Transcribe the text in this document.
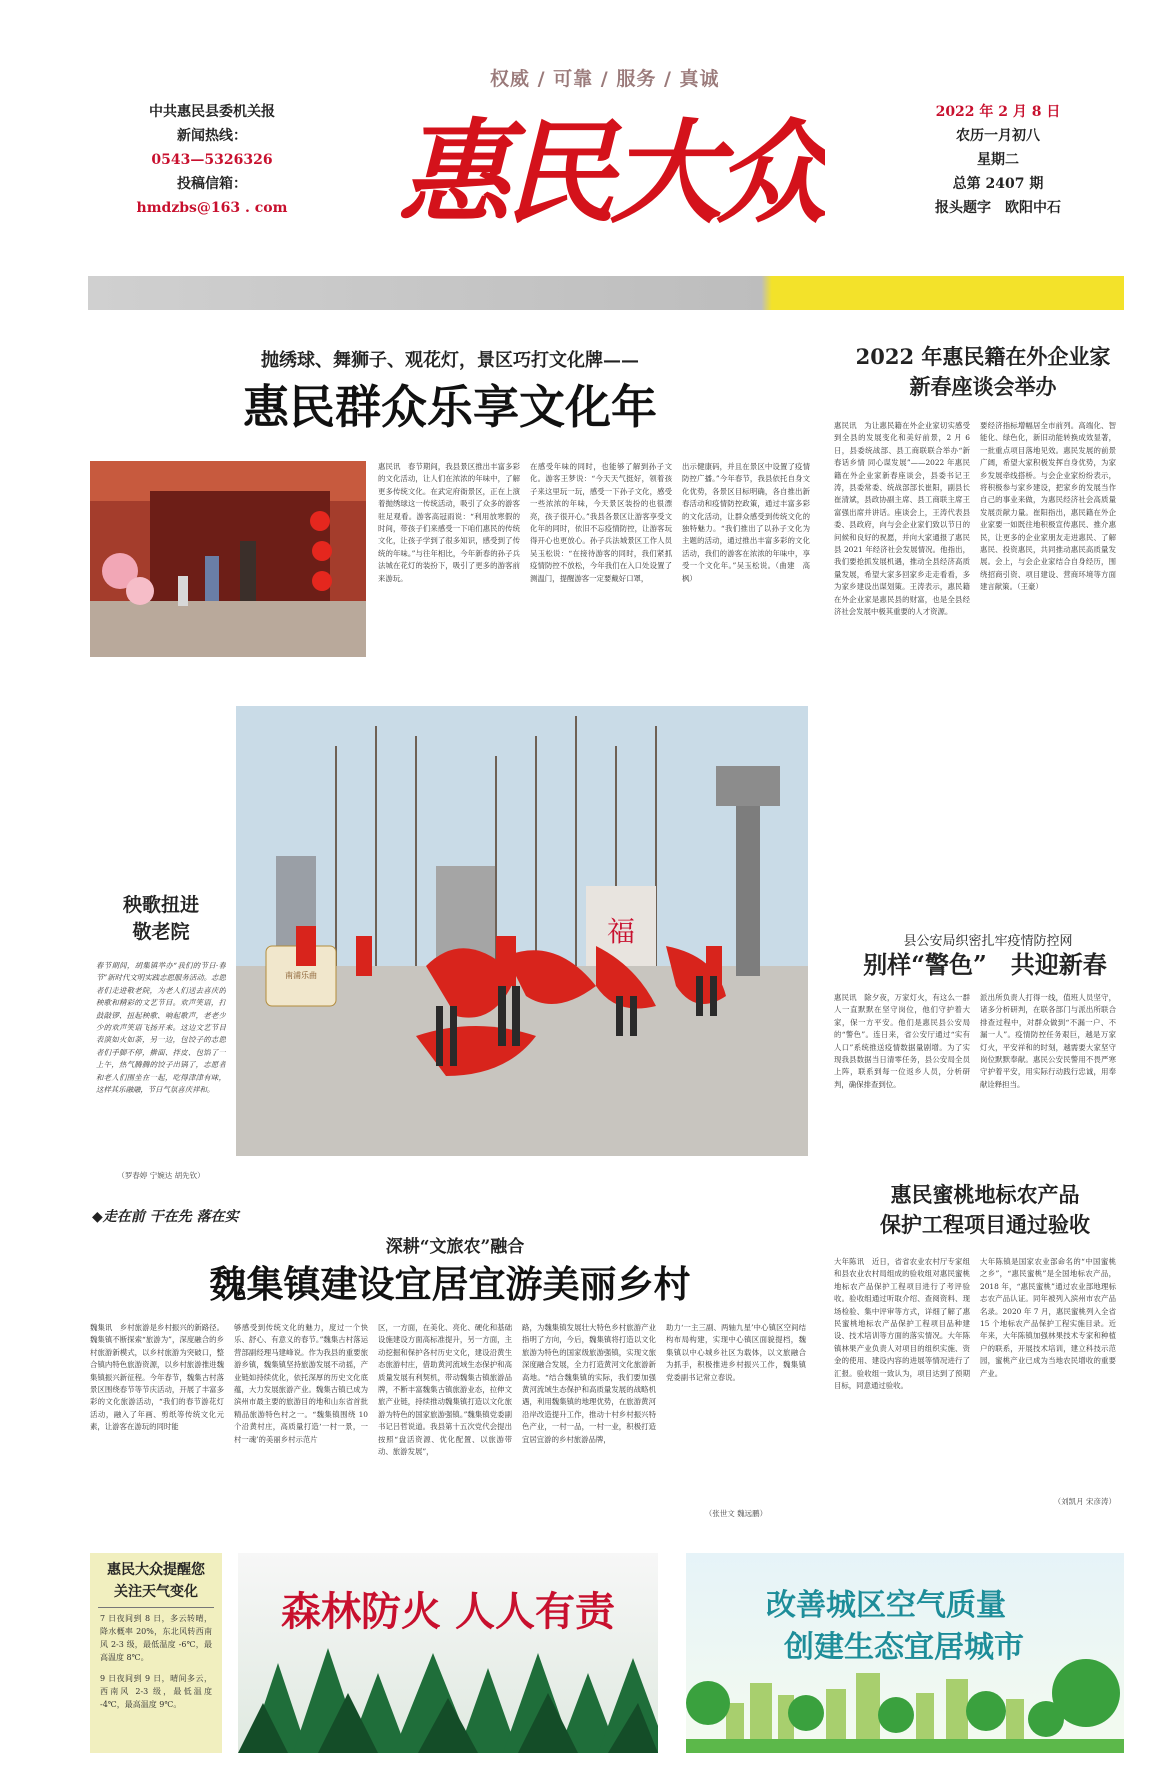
权威 / 可靠 / 服务 / 真诚
中共惠民县委机关报
新闻热线：
0543—5326326
投稿信箱：
hmdzbs@163 . com 惠民大众	2022 年 2 月 8 日
农历一月初八
星期二
总第 2407 期
报头题字　欧阳中石
抛绣球、舞狮子、观花灯，景区巧打文化牌——
惠民群众乐享文化年
惠民讯　春节期间，我县景区推出丰富多彩的文化活动，让人们在浓浓的年味中，了解更多传统文化。在武定府衙景区，正在上演着抛绣球这一传统活动，吸引了众多的游客驻足观看。游客高冠雨说：“利用放寒假的时间，带孩子们来感受一下咱们惠民的传统文化，让孩子学到了很多知识，感受到了传统的年味。”与往年相比，今年新春的孙子兵法城在花灯的装扮下，吸引了更多的游客前来游玩。
在感受年味的同时，也能够了解到孙子文化。游客王梦说：“今天天气挺好，领着孩子来这里玩一玩，感受一下孙子文化，感受一些浓浓的年味，今天景区装扮的也很漂亮，孩子很开心。”我县各景区让游客享受文化年的同时，依旧不忘疫情防控，让游客玩得开心也更放心。孙子兵法城景区工作人员吴玉松说：“在接待游客的同时，我们紧抓疫情防控不放松，今年我们在入口处设置了测温门，提醒游客一定要戴好口罩，
出示健康码，并且在景区中设置了疫情防控广播。”今年春节，我县依托自身文化优势，各景区目标明确，各自推出新春活动和疫情防控政策，通过丰富多彩的文化活动，让群众感受到传统文化的独特魅力。“我们推出了以孙子文化为主题的活动，通过推出丰富多彩的文化活动，我们的游客在浓浓的年味中，享受一个文化年。”吴玉松说。（曲建　高枫）
2022 年惠民籍在外企业家
新春座谈会举办
惠民讯　为让惠民籍在外企业家切实感受到全县的发展变化和美好前景，2 月 6 日，县委统战部、县工商联联合举办“新春话乡情 同心谋发展”——2022 年惠民籍在外企业家新春座谈会，县委书记王涛，县委常委、统战部部长崔阳，副县长崔清斌，县政协副主席、县工商联主席王富强出席并讲话。座谈会上，王涛代表县委、县政府，向与会企业家们致以节日的问候和良好的祝愿，并向大家通报了惠民县 2021 年经济社会发展情况。他指出，我们要抢抓发展机遇，推动全县经济高质量发展，希望大家多回家乡走走看看，多为家乡建设出谋划策。王涛表示，惠民籍在外企业家是惠民县的财富，也是全县经济社会发展中极其重要的人才资源。
要经济指标增幅居全市前列。高端化、智能化、绿色化，新旧动能转换成效显著，一批重点项目落地见效。惠民发展的前景广阔，希望大家积极发挥自身优势，为家乡发展牵线搭桥。与会企业家纷纷表示，将积极参与家乡建设，把家乡的发展当作自己的事业来做，为惠民经济社会高质量发展贡献力量。崔阳指出，惠民籍在外企业家要一如既往地积极宣传惠民、推介惠民，让更多的企业家朋友走进惠民、了解惠民、投资惠民，共同推动惠民高质量发展。会上，与会企业家结合自身经历，围绕招商引资、项目建设、营商环境等方面建言献策。（王豪）
福
南浦乐曲
秧歌扭进
敬老院
春节期间，胡集镇举办“我们的节日·春节”新时代文明实践志愿服务活动。志愿者们走进敬老院，为老人们送去喜庆的秧歌和精彩的文艺节目。欢声笑语，打鼓敲锣、扭起秧歌、响起歌声，老老少少的欢声笑语飞扬开来。这边文艺节目表演如火如荼，另一边，包饺子的志愿者们手脚不停，擀面、拌皮、包馅了一上午，热气腾腾的饺子出锅了，志愿者和老人们围坐在一起，吃得津津有味，这样其乐融融，节日气氛喜庆祥和。
（罗春婷 宁婉达 胡先钦）
县公安局织密扎牢疫情防控网
别样“警色”　共迎新春
惠民讯　除夕夜，万家灯火，有这么一群人一直默默在坚守岗位，他们守护着大家，保一方平安。他们是惠民县公安局的“警色”。连日来，省公安厅通过“实有人口”系统推送疫情数据量剧增。为了实现我县数据当日清零任务，县公安局全员上阵，联系到每一位返乡人员，分析研判，确保排查到位。
派出所负责人打得一线，值班人员坚守，诸多分析研判，在联各部门与派出所联合排查过程中，对群众做到“不漏一户、不漏一人”。疫情防控任务艰巨，越是万家灯火，平安祥和的时刻，越需要大家坚守岗位默默奉献。惠民公安民警用不畏严寒守护着平安，用实际行动践行忠诚，用奉献诠释担当。
惠民蜜桃地标农产品
保护工程项目通过验收
大年陈讯　近日，省省农业农村厅专家组和县农业农村局组成的验收组对惠民蜜桃地标农产品保护工程项目进行了考评验收。验收组通过听取介绍、查阅资料、现场检验、集中评审等方式，详细了解了惠民蜜桃地标农产品保护工程项目品种建设、技术培训等方面的落实情况。大年陈镇林果产业负责人对项目的组织实施、资金的使用、建设内容的进展等情况进行了汇报。验收组一致认为，项目达到了预期目标，同意通过验收。
大年陈镇是国家农业部命名的“中国蜜桃之乡”，“惠民蜜桃”是全国地标农产品，2018 年，“惠民蜜桃”通过农业部地理标志农产品认证。同年被列入滨州市农产品名录。2020 年 7 月，惠民蜜桃列入全省 15 个地标农产品保护工程实施目录。近年来，大年陈镇加强林果技术专家和种植户的联系，开展技术培训，建立科技示范园，蜜桃产业已成为当地农民增收的重要产业。
（刘凯月 宋彦涛）
◆走在前 干在先 落在实
深耕“文旅农”融合
魏集镇建设宜居宜游美丽乡村
魏集讯　乡村旅游是乡村振兴的新路径。魏集镇不断探索“旅游为”，深度融合的乡村旅游新模式，以乡村旅游为突破口，整合镇内特色旅游资源，以乡村旅游推进魏集镇振兴新征程。今年春节，魏集古村落景区围绕春节等节庆活动，开展了丰富多彩的文化旅游活动，“我们的春节游花灯活动，融入了年画、剪纸等传统文化元素，让游客在游玩的同时能
够感受到传统文化的魅力，度过一个快乐、舒心、有意义的春节。”魏集古村落运营部副经理马建峰说。作为我县的重要旅游乡镇，魏集镇坚持旅游发展不动摇，产业链如持续优化，依托深厚的历史文化底蕴，大力发展旅游产业。魏集古镇已成为滨州市最主要的旅游目的地和山东省首批精品旅游特色村之一。“魏集镇围绕 10 个沿黄村庄，高质量打造‘一村一景，一村一魂’的美丽乡村示范片
区，一方面，在美化、亮化、硬化和基础设施建设方面高标准提升，另一方面，主动挖掘和保护各村历史文化，建设沿黄生态旅游村庄，借助黄河流域生态保护和高质量发展有利契机，带动魏集古镇旅游品牌，不断丰富魏集古镇旅游业态，拉伸文旅产业链，持续推动魏集镇打造以文化旅游为特色的国家旅游强镇。”魏集镇党委副书记吕哲说道。我县第十五次党代会提出按照“盘活资源、优化配置、以旅游带动、旅游发展”，
路，为魏集镇发展壮大特色乡村旅游产业指明了方向，今后，魏集镇将打造以文化旅游为特色的国家级旅游强镇，实现文旅深度融合发展，全力打造黄河文化旅游新高地。“结合魏集镇的实际，我们要加强黄河流域生态保护和高质量发展的战略机遇，利用魏集镇的地理优势，在旅游黄河沿岸改造提升工作，推动十村乡村振兴特色产业，一村一品，一村一业，积极打造宜居宜游的乡村旅游品牌，
助力‘一主三副、两轴九星’中心镇区空间结构布局构建，实现中心镇区面貌提档，魏集镇以中心城乡社区为载体，以文旅融合为抓手，积极推进乡村振兴工作，魏集镇党委副书记常立春说。
（张世文 魏远鹏）
惠民大众提醒您
关注天气变化
7 日夜间到 8 日，多云转晴，降水概率 20%，东北风转西南风 2-3 级，最低温度 -6℃，最高温度 8℃。
9 日夜间到 9 日，晴间多云，西南风 2-3 级，最低温度 -4℃，最高温度 9℃。
森林防火 人人有责	改善城区空气质量
创建生态宜居城市
